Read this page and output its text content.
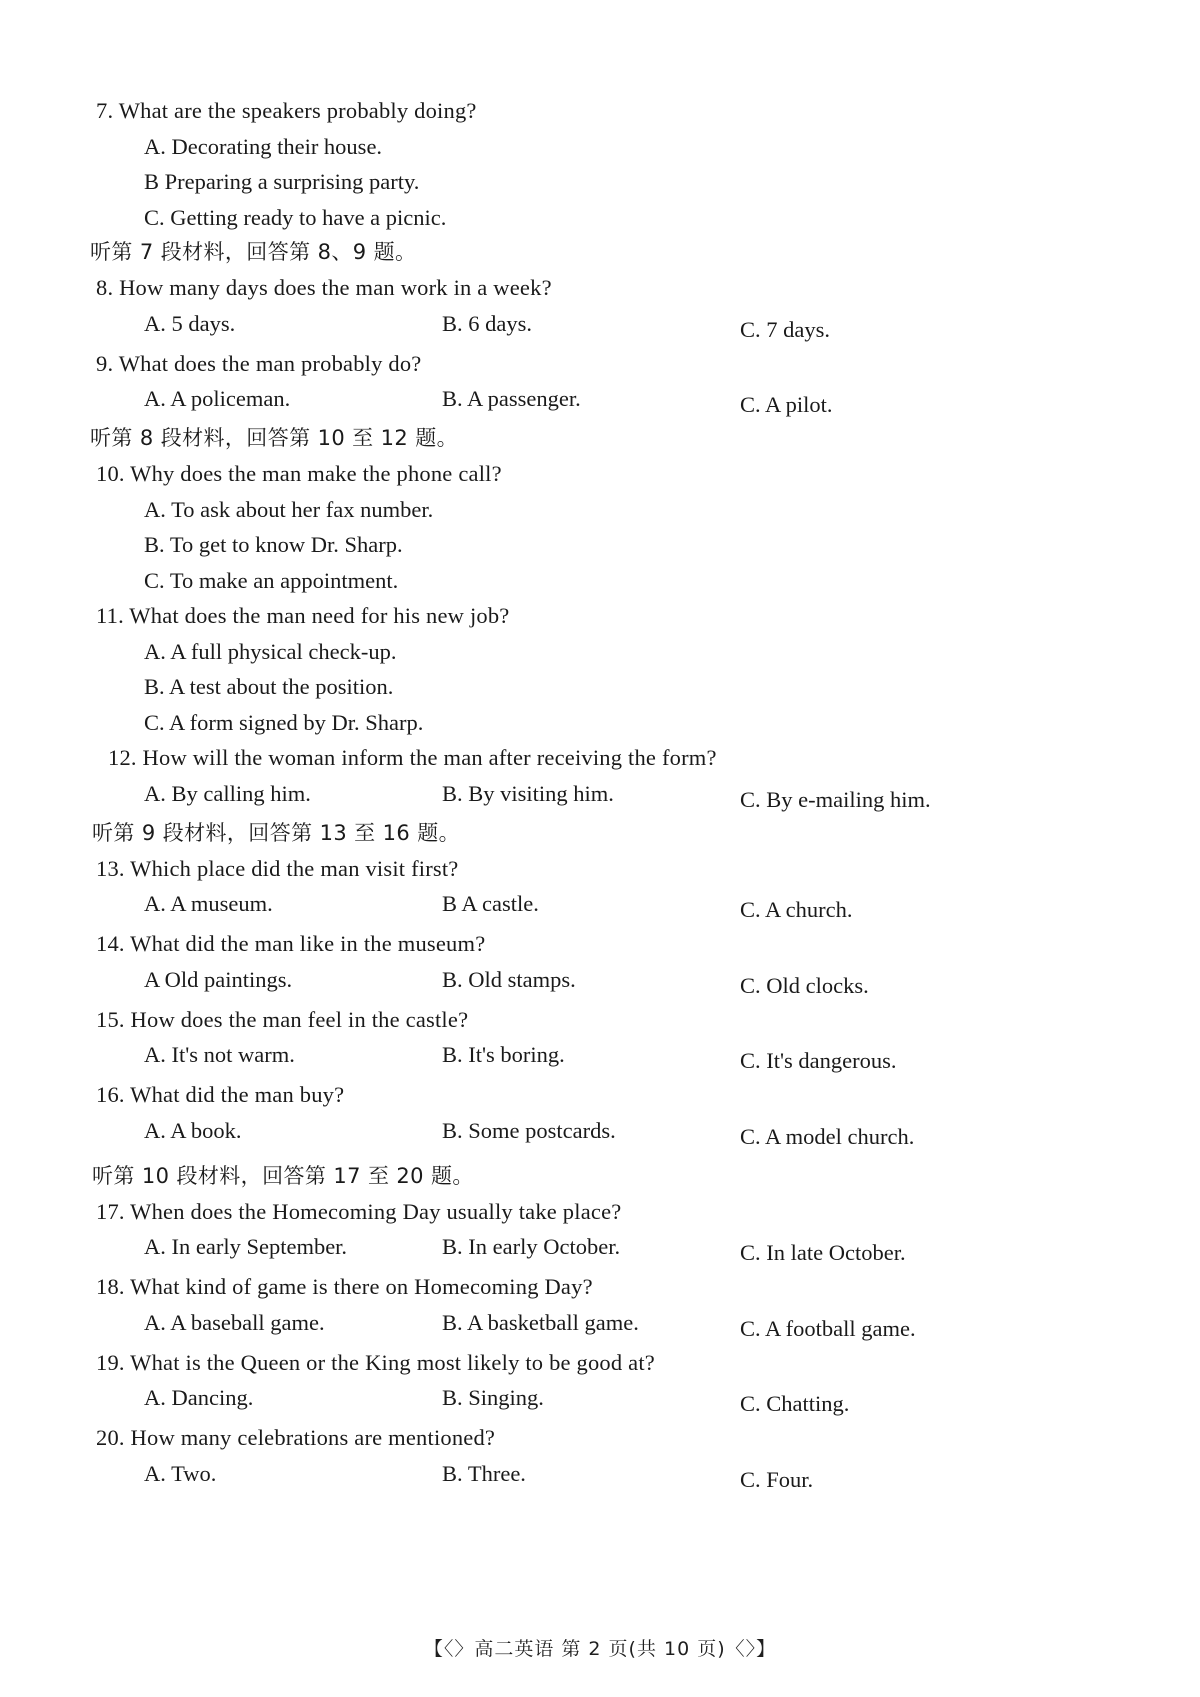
7. What are the speakers probably doing?
A. Decorating their house.
B Preparing a surprising party.
C. Getting ready to have a picnic.
听第 7 段材料，回答第 8、9 题。
8. How many days does the man work in a week?
A. 5 days.	B. 6 days.	C. 7 days.
9. What does the man probably do?
A. A policeman.	B. A passenger.	C. A pilot.
听第 8 段材料，回答第 10 至 12 题。
10. Why does the man make the phone call?
A. To ask about her fax number.
B. To get to know Dr. Sharp.
C. To make an appointment.
11. What does the man need for his new job?
A. A full physical check-up.
B. A test about the position.
C. A form signed by Dr. Sharp.
12. How will the woman inform the man after receiving the form?
A. By calling him.	B. By visiting him.	C. By e-mailing him.
听第 9 段材料，回答第 13 至 16 题。
13. Which place did the man visit first?
A. A museum.	B A castle.	C. A church.
14. What did the man like in the museum?
A Old paintings.	B. Old stamps.	C. Old clocks.
15. How does the man feel in the castle?
A. It's not warm.	B. It's boring.	C. It's dangerous.
16. What did the man buy?
A. A book.	B. Some postcards.	C. A model church.
听第 10 段材料，回答第 17 至 20 题。
17. When does the Homecoming Day usually take place?
A. In early September.	B. In early October.	C. In late October.
18. What kind of game is there on Homecoming Day?
A. A baseball game.	B. A basketball game.	C. A football game.
19. What is the Queen or the King most likely to be good at?
A. Dancing.	B. Singing.	C. Chatting.
20. How many celebrations are mentioned?
A. Two.	B. Three.	C. Four.
【〈〉高二英语 第 2 页(共 10 页)〈〉】
